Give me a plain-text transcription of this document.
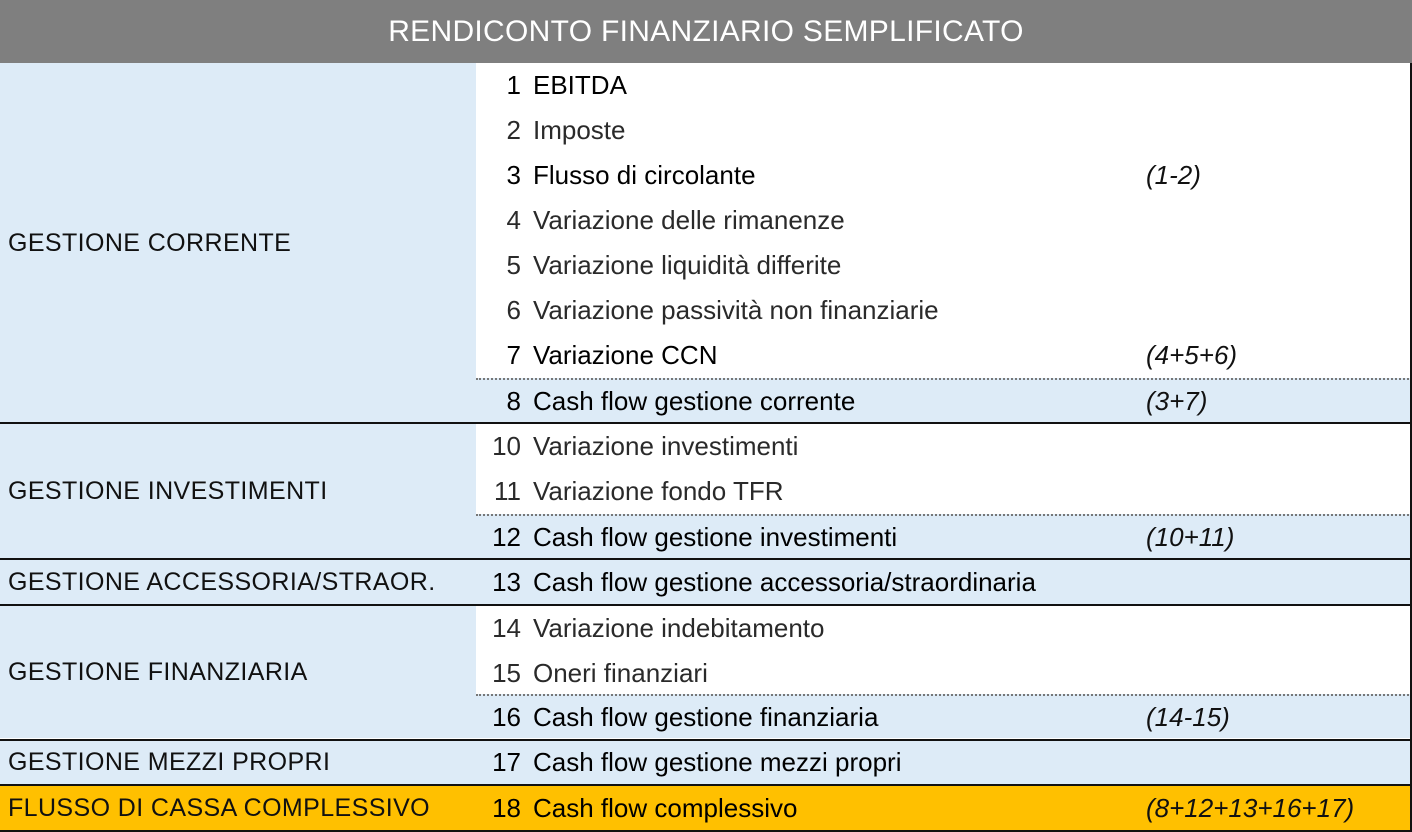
RENDICONTO FINANZIARIO SEMPLIFICATO
GESTIONE CORRENTE
1 EBITDA
2 Imposte
3 Flusso di circolante	(1-2)
4 Variazione delle rimanenze
5 Variazione liquidità differite
6 Variazione passività non finanziarie
7 Variazione CCN	(4+5+6)
8 Cash flow gestione corrente	(3+7)
GESTIONE INVESTIMENTI
10 Variazione investimenti
11 Variazione fondo TFR
12 Cash flow gestione investimenti	(10+11)
GESTIONE ACCESSORIA/STRAOR.	13 Cash flow gestione accessoria/straordinaria
GESTIONE FINANZIARIA
14 Variazione indebitamento
15 Oneri finanziari
16 Cash flow gestione finanziaria	(14-15)
GESTIONE MEZZI PROPRI	17 Cash flow gestione mezzi propri
FLUSSO DI CASSA COMPLESSIVO	18 Cash flow complessivo	(8+12+13+16+17)
